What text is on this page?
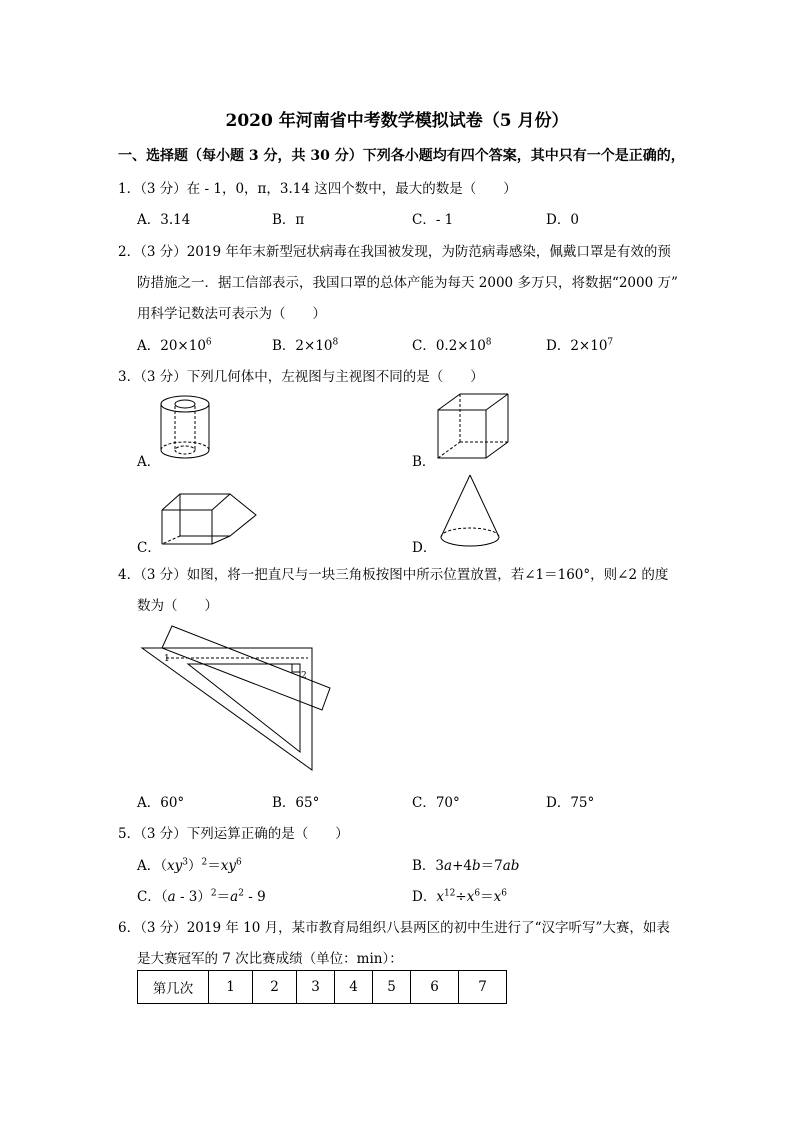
2020 年河南省中考数学模拟试卷（5 月份）
一、选择题（每小题 3 分，共 30 分）下列各小题均有四个答案，其中只有一个是正确的，
1．（3 分）在 - 1，0，π，3.14 这四个数中，最大的数是（　　）
A．3.14	B．π	C．- 1	D．0
2．（3 分）2019 年年末新型冠状病毒在我国被发现，为防范病毒感染，佩戴口罩是有效的预
防措施之一．据工信部表示，我国口罩的总体产能为每天 2000 多万只，将数据“2000 万”
用科学记数法可表示为（　　）
A．$20\times 10^6$	B．$2\times 10^8$	C．$0.2\times 10^8$	D．$2\times 10^7$
3．（3 分）下列几何体中，左视图与主视图不同的是（　　）
A．	B．
C．	D．
4．（3 分）如图，将一把直尺与一块三角板按图中所示位置放置，若∠1＝160°，则∠2 的度
数为（　　）
1
2
A．60°	B．65°	C．70°	D．75°
5．（3 分）下列运算正确的是（　　）
A．$(xy^3)^2=xy^6$	B．3a+4b＝7ab
C．$(a - 3)^2=a^2 - 9$	D．$x^{12}\div x^6=x^6$
6．（3 分）2019 年 10 月，某市教育局组织八县两区的初中生进行了“汉字听写”大赛，如表
是大赛冠军的 7 次比赛成绩（单位：min）：
第几次	1	2	3	4	5	6	7
